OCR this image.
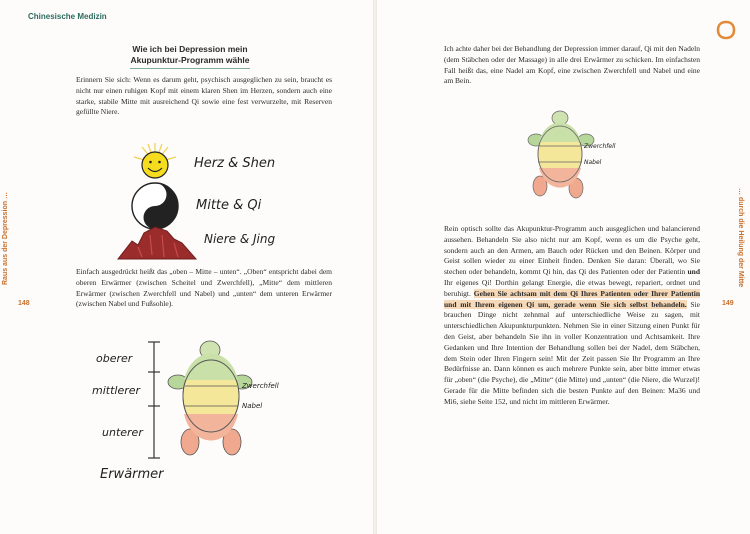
Chinesische Medizin
Raus aus der Depression …
148
… durch die Heilung der Mitte
149
Wie ich bei Depression mein
Akupunktur-Programm wähle

Erinnern Sie sich: Wenn es darum geht, psychisch ausgeglichen zu sein, braucht es nicht nur einen ruhigen Kopf mit einem klaren Shen im Herzen, sondern auch eine starke, stabile Mitte mit ausreichend Qi sowie eine fest verwurzelte, mit Reserven gefüllte Niere.

Herz & Shen
Mitte & Qi
Niere & Jing

Einfach ausgedrückt heißt das „oben – Mitte – unten“. „Oben“ entspricht dabei dem oberen Erwärmer (zwischen Scheitel und Zwerchfell), „Mitte“ dem mittleren Erwärmer (zwischen Zwerchfell und Nabel) und „unten“ dem unteren Erwärmer (zwischen Nabel und Fußsohle).

oberer
mittlerer
unterer
Erwärmer
Zwerchfell
Nabel

Ich achte daher bei der Behandlung der Depression immer darauf, Qi mit den Nadeln (dem Stäbchen oder der Massage) in alle drei Erwärmer zu schicken. Im einfachsten Fall heißt das, eine Nadel am Kopf, eine zwischen Zwerchfell und Nabel und eine am Bein.

Zwerchfell
Nabel

Rein optisch sollte das Akupunktur-Programm auch ausgeglichen und balancierend aussehen. Behandeln Sie also nicht nur am Kopf, wenn es um die Psyche geht, sondern auch an den Armen, am Bauch oder Rücken und den Beinen. Körper und Geist sollen wieder zu einer Einheit finden. Denken Sie daran: Überall, wo Sie stechen oder behandeln, kommt Qi hin, das Qi des Patienten oder der Patientin und Ihr eigenes Qi! Dorthin gelangt Energie, die etwas bewegt, repariert, ordnet und beruhigt. Gehen Sie achtsam mit dem Qi Ihres Patienten oder Ihrer Patientin und mit Ihrem eigenen Qi um, gerade wenn Sie sich selbst behandeln. Sie brauchen Dinge nicht zehnmal auf unterschiedliche Weise zu sagen, mit unterschiedlichen Akupunkturpunkten. Nehmen Sie in einer Sitzung einen Punkt für den Geist, aber behandeln Sie ihn in voller Konzentration und Achtsamkeit. Ihre Gedanken und Ihre Intention der Behandlung sollen bei der Nadel, dem Stäbchen, dem Stein oder Ihren Fingern sein! Mit der Zeit passen Sie Ihr Programm an Ihre Bedürfnisse an. Dann können es auch mehrere Punkte sein, aber bitte immer etwas für „oben“ (die Psyche), die „Mitte“ (die Mitte) und „unten“ (die Niere, die Wurzel)! Gerade für die Mitte befinden sich die besten Punkte auf den Beinen: Ma36 und Mi6, siehe Seite 152, und nicht im mittleren Erwärmer.
